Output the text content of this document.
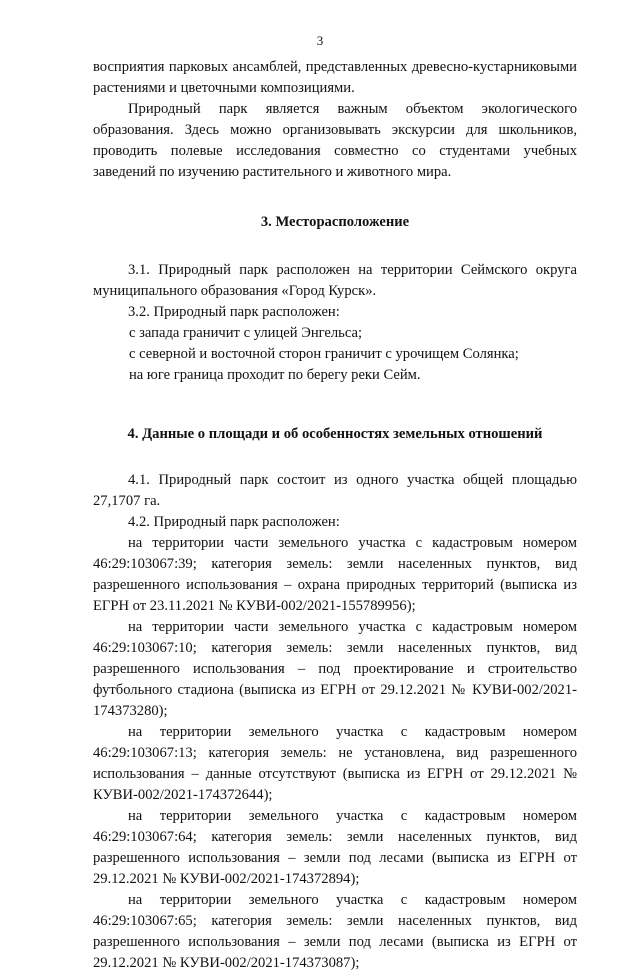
3

восприятия парковых ансамблей, представленных древесно-кустарниковыми растениями и цветочными композициями.

Природный парк является важным объектом экологического образования. Здесь можно организовывать экскурсии для школьников, проводить полевые исследования совместно со студентами учебных заведений по изучению растительного и животного мира.

3. Месторасположение

3.1. Природный парк расположен на территории Сеймского округа муниципального образования «Город Курск».

3.2. Природный парк расположен:

с запада граничит с улицей Энгельса;

с северной и восточной сторон граничит с урочищем Солянка;

на юге граница проходит по берегу реки Сейм.

4. Данные о площади и об особенностях земельных отношений

4.1. Природный парк состоит из одного участка общей площадью 27,1707 га.

4.2. Природный парк расположен:

на территории части земельного участка с кадастровым номером 46:29:103067:39; категория земель: земли населенных пунктов, вид разрешенного использования – охрана природных территорий (выписка из ЕГРН от 23.11.2021 № КУВИ-002/2021-155789956);

на территории части земельного участка с кадастровым номером 46:29:103067:10; категория земель: земли населенных пунктов, вид разрешенного использования – под проектирование и строительство футбольного стадиона (выписка из ЕГРН от 29.12.2021 № КУВИ-002/2021-174373280);

на территории земельного участка с кадастровым номером 46:29:103067:13; категория земель: не установлена, вид разрешенного использования – данные отсутствуют (выписка из ЕГРН от 29.12.2021 № КУВИ-002/2021-174372644);

на территории земельного участка с кадастровым номером 46:29:103067:64; категория земель: земли населенных пунктов, вид разрешенного использования – земли под лесами (выписка из ЕГРН от 29.12.2021 № КУВИ-002/2021-174372894);

на территории земельного участка с кадастровым номером 46:29:103067:65; категория земель: земли населенных пунктов, вид разрешенного использования – земли под лесами (выписка из ЕГРН от 29.12.2021 № КУВИ-002/2021-174373087);
